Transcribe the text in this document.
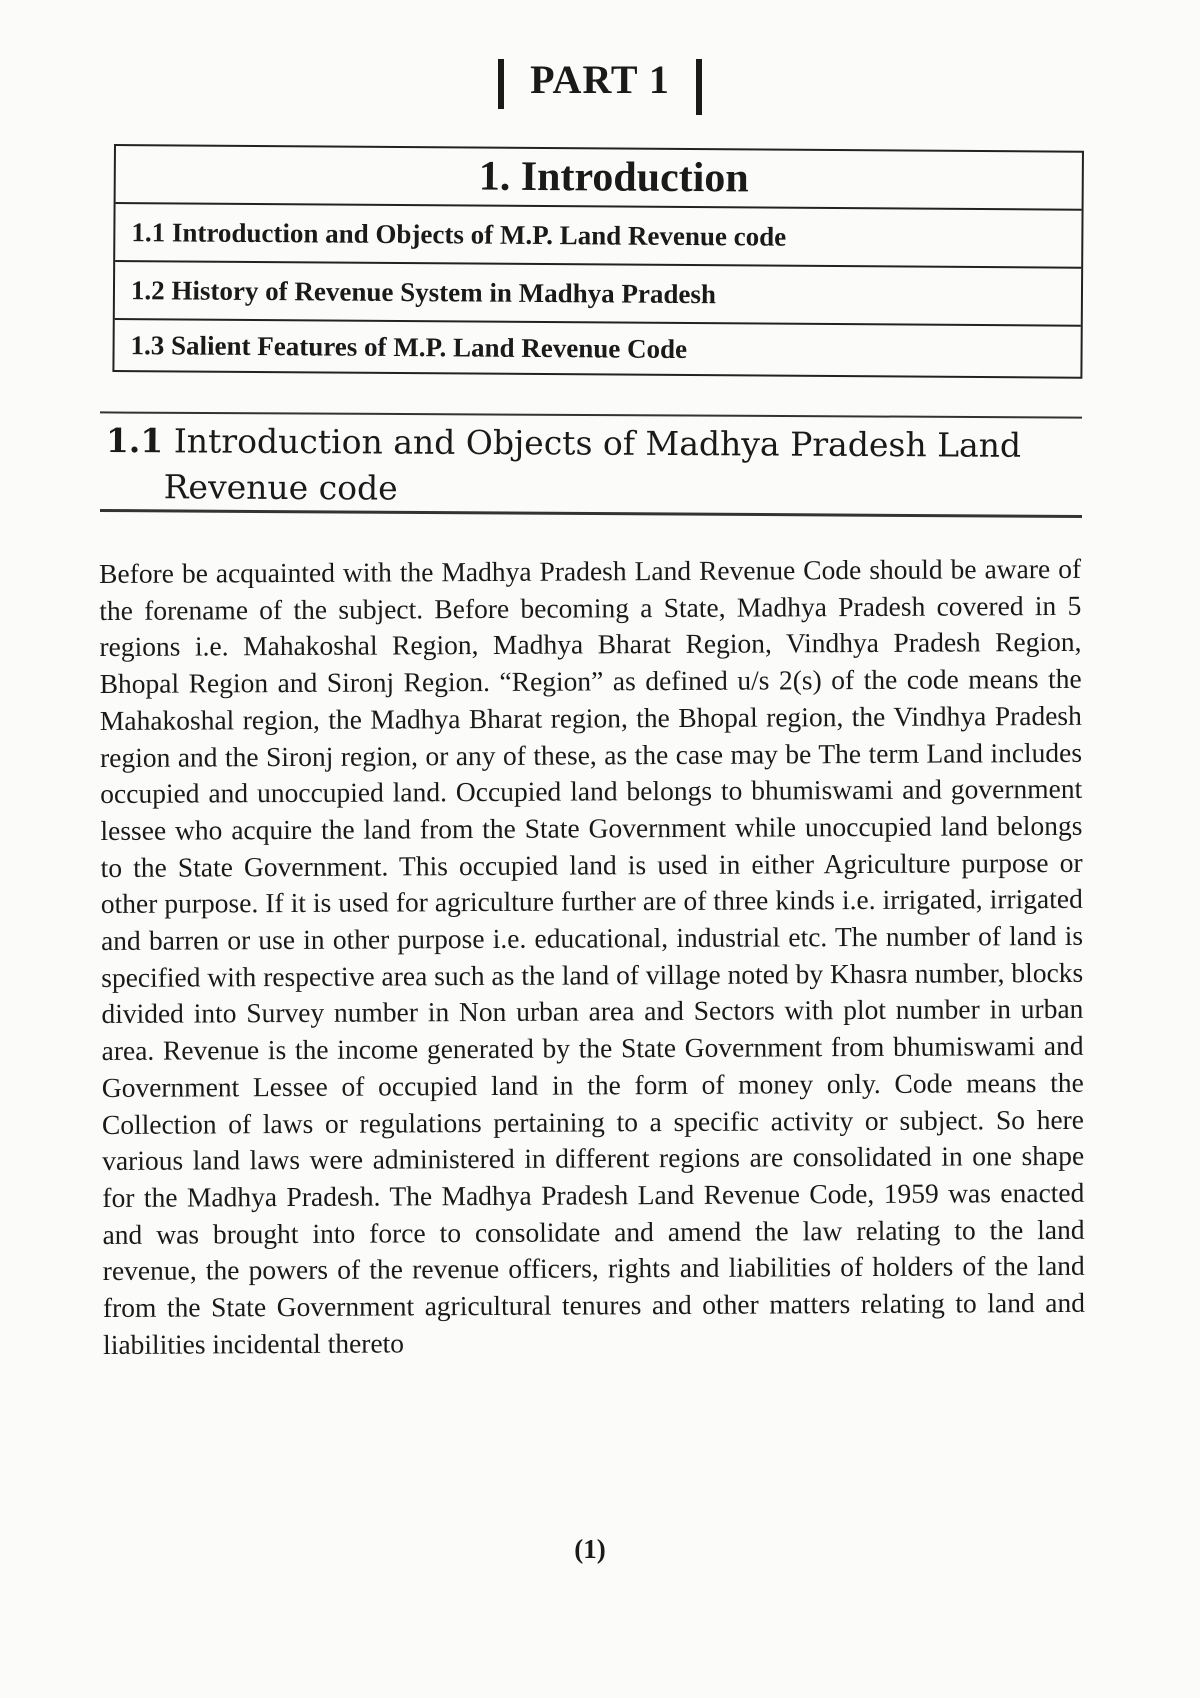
PART 1
1. Introduction
1.1 Introduction and Objects of M.P. Land Revenue code
1.2 History of Revenue System in Madhya Pradesh
1.3 Salient Features of M.P. Land Revenue Code
1.1 Introduction and Objects of Madhya Pradesh Land
Revenue code

Before be acquainted with the Madhya Pradesh Land Revenue Code should be aware of the forename of the subject. Before becoming a State, Madhya Pradesh covered in 5 regions i.e. Mahakoshal Region, Madhya Bharat Region, Vindhya Pradesh Region, Bhopal Region and Sironj Region. “Region” as defined u/s 2(s) of the code means the Mahakoshal region, the Madhya Bharat region, the Bhopal region, the Vindhya Pradesh region and the Sironj region, or any of these, as the case may be The term Land includes occupied and unoccupied land. Occupied land belongs to bhumiswami and government lessee who acquire the land from the State Government while unoccupied land belongs to the State Government. This occupied land is used in either Agriculture purpose or other purpose. If it is used for agriculture further are of three kinds i.e. irrigated, irrigated and barren or use in other purpose i.e. educational, industrial etc. The number of land is specified with respective area such as the land of village noted by Khasra number, blocks divided into Survey number in Non urban area and Sectors with plot number in urban area. Revenue is the income generated by the State Government from bhumiswami and Government Lessee of occupied land in the form of money only. Code means the Collection of laws or regulations pertaining to a specific activity or subject. So here various land laws were administered in different regions are consolidated in one shape for the Madhya Pradesh. The Madhya Pradesh Land Revenue Code, 1959 was enacted and was brought into force to consolidate and amend the law relating to the land revenue, the powers of the revenue officers, rights and liabilities of holders of the land from the State Government agricultural tenures and other matters relating to land and liabilities incidental thereto

(1)
